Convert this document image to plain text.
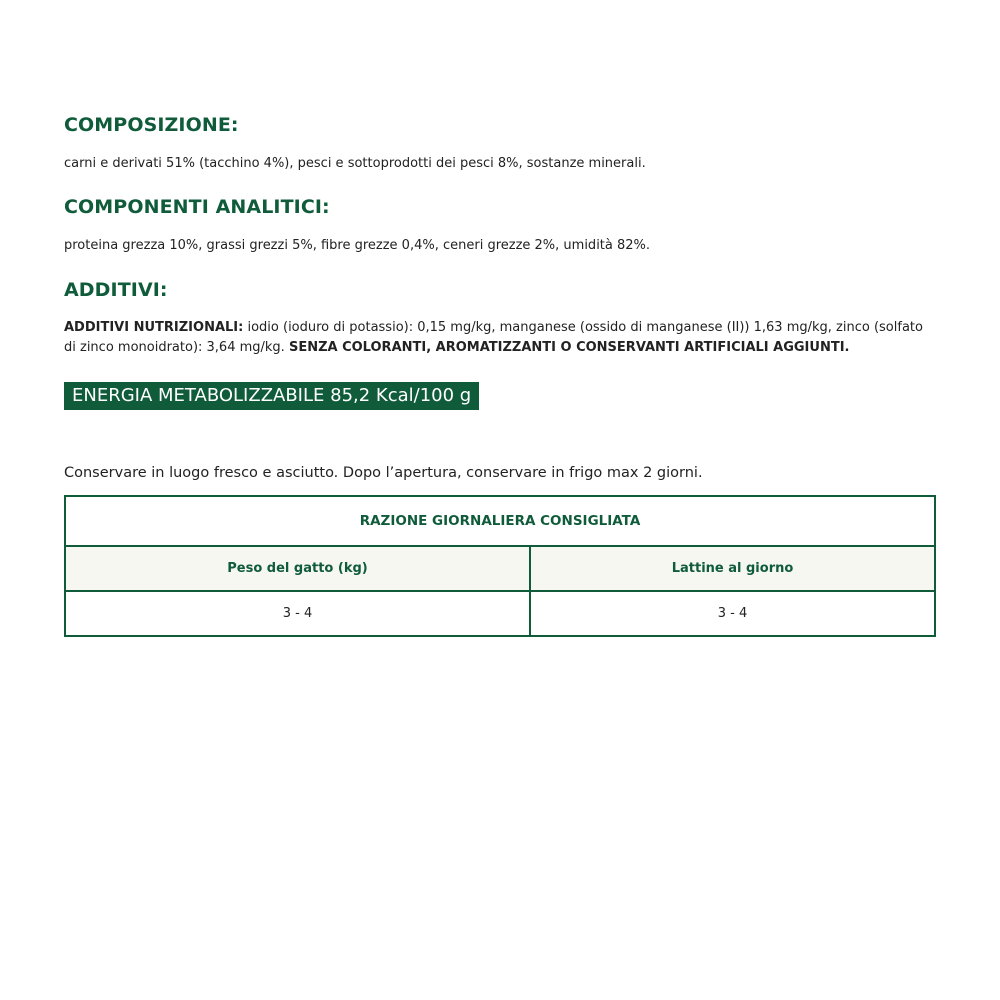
COMPOSIZIONE:

carni e derivati 51% (tacchino 4%), pesci e sottoprodotti dei pesci 8%, sostanze minerali.

COMPONENTI ANALITICI:

proteina grezza 10%, grassi grezzi 5%, fibre grezze 0,4%, ceneri grezze 2%, umidità 82%.

ADDITIVI:

ADDITIVI NUTRIZIONALI: iodio (ioduro di potassio): 0,15 mg/kg, manganese (ossido di manganese (II)) 1,63 mg/kg, zinco (solfato di zinco monoidrato): 3,64 mg/kg. SENZA COLORANTI, AROMATIZZANTI O CONSERVANTI ARTIFICIALI AGGIUNTI.

ENERGIA METABOLIZZABILE 85,2 Kcal/100 g

Conservare in luogo fresco e asciutto. Dopo l’apertura, conservare in frigo max 2 giorni.

RAZIONE GIORNALIERA CONSIGLIATA
Peso del gatto (kg)	Lattine al giorno
3 - 4	3 - 4
